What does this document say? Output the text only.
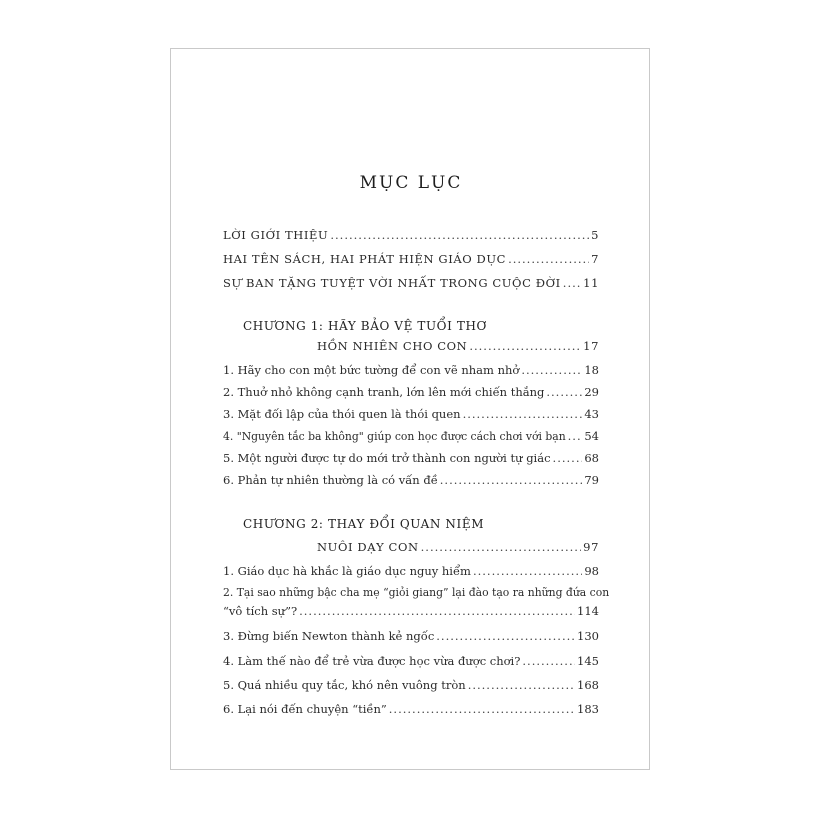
MỤC LỤC
LỜI GIỚI THIỆU .....	5
HAI TÊN SÁCH, HAI PHÁT HIỆN GIÁO DỤC .....	7
SỰ BAN TẶNG TUYỆT VỜI NHẤT TRONG CUỘC ĐỜI ..... 11
CHƯƠNG 1: HÃY BẢO VỆ TUỔI THƠ
HỒN NHIÊN CHO CON .....	17
1. Hãy cho con một bức tường để con vẽ nham nhở .....	18
2. Thuở nhỏ không cạnh tranh, lớn lên mới chiến thắng .....	29
3. Mặt đối lập của thói quen là thói quen .....	43
4. "Nguyên tắc ba không" giúp con học được cách chơi với bạn ..... 54
5. Một người được tự do mới trở thành con người tự giác .....	68
6. Phản tự nhiên thường là có vấn đề .....	79
CHƯƠNG 2: THAY ĐỔI QUAN NIỆM
NUÔI DẠY CON .....	97
1. Giáo dục hà khắc là giáo dục nguy hiểm .....	98
2. Tại sao những bậc cha mẹ “giỏi giang” lại đào tạo ra những đứa con
“vô tích sự”? .....	114
3. Đừng biến Newton thành kẻ ngốc .....	130
4. Làm thế nào để trẻ vừa được học vừa được chơi? .....	145
5. Quá nhiều quy tắc, khó nên vuông tròn .....	168
6. Lại nói đến chuyện “tiền” .....	183
